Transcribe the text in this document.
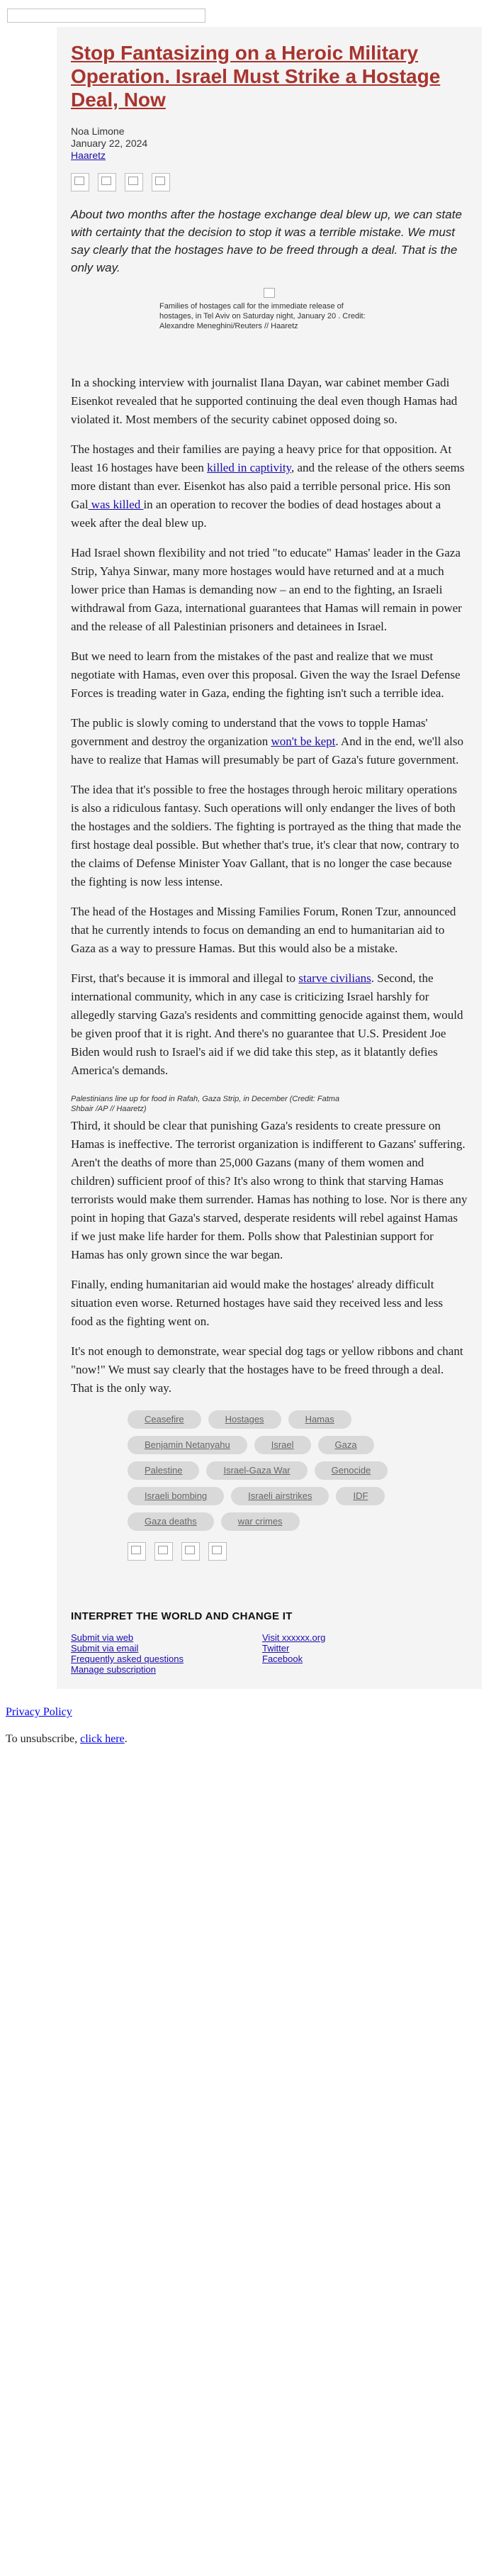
Stop Fantasizing on a Heroic Military Operation. Israel Must Strike a Hostage Deal, Now
Noa Limone
January 22, 2024
Haaretz

About two months after the hostage exchange deal blew up, we can state with certainty that the decision to stop it was a terrible mistake. We must say clearly that the hostages have to be freed through a deal. That is the only way.

Families of hostages call for the immediate release of hostages, in Tel Aviv on Saturday night, January 20 . Credit: Alexandre Meneghini/Reuters // Haaretz

In a shocking interview with journalist Ilana Dayan, war cabinet member Gadi Eisenkot revealed that he supported continuing the deal even though Hamas had violated it. Most members of the security cabinet opposed doing so.

The hostages and their families are paying a heavy price for that opposition. At least 16 hostages have been killed in captivity, and the release of the others seems more distant than ever. Eisenkot has also paid a terrible personal price. His son Gal was killed in an operation to recover the bodies of dead hostages about a week after the deal blew up.

Had Israel shown flexibility and not tried "to educate" Hamas' leader in the Gaza Strip, Yahya Sinwar, many more hostages would have returned and at a much lower price than Hamas is demanding now – an end to the fighting, an Israeli withdrawal from Gaza, international guarantees that Hamas will remain in power and the release of all Palestinian prisoners and detainees in Israel.

But we need to learn from the mistakes of the past and realize that we must negotiate with Hamas, even over this proposal. Given the way the Israel Defense Forces is treading water in Gaza, ending the fighting isn't such a terrible idea.

The public is slowly coming to understand that the vows to topple Hamas' government and destroy the organization won't be kept. And in the end, we'll also have to realize that Hamas will presumably be part of Gaza's future government.

The idea that it's possible to free the hostages through heroic military operations is also a ridiculous fantasy. Such operations will only endanger the lives of both the hostages and the soldiers. The fighting is portrayed as the thing that made the first hostage deal possible. But whether that's true, it's clear that now, contrary to the claims of Defense Minister Yoav Gallant, that is no longer the case because the fighting is now less intense.

The head of the Hostages and Missing Families Forum, Ronen Tzur, announced that he currently intends to focus on demanding an end to humanitarian aid to Gaza as a way to pressure Hamas. But this would also be a mistake.

First, that's because it is immoral and illegal to starve civilians. Second, the international community, which in any case is criticizing Israel harshly for allegedly starving Gaza's residents and committing genocide against them, would be given proof that it is right. And there's no guarantee that U.S. President Joe Biden would rush to Israel's aid if we did take this step, as it blatantly defies America's demands.

Palestinians line up for food in Rafah, Gaza Strip, in December (Credit: Fatma Shbair /AP // Haaretz)

Third, it should be clear that punishing Gaza's residents to create pressure on Hamas is ineffective. The terrorist organization is indifferent to Gazans' suffering. Aren't the deaths of more than 25,000 Gazans (many of them women and children) sufficient proof of this? It's also wrong to think that starving Hamas terrorists would make them surrender. Hamas has nothing to lose. Nor is there any point in hoping that Gaza's starved, desperate residents will rebel against Hamas if we just make life harder for them. Polls show that Palestinian support for Hamas has only grown since the war began.

Finally, ending humanitarian aid would make the hostages' already difficult situation even worse. Returned hostages have said they received less and less food as the fighting went on.

It's not enough to demonstrate, wear special dog tags or yellow ribbons and chant "now!" We must say clearly that the hostages have to be freed through a deal. That is the only way.

Ceasefire	Hostages	Hamas
Benjamin Netanyahu	Israel	Gaza
Palestine	Israel-Gaza War	Genocide
Israeli bombing	Israeli airstrikes	IDF
Gaza deaths	war crimes
INTERPRET THE WORLD AND CHANGE IT
Submit via web
Submit via email
Frequently asked questions
Manage subscription
Visit xxxxxx.org
Twitter
Facebook

Privacy Policy

To unsubscribe, click here.
